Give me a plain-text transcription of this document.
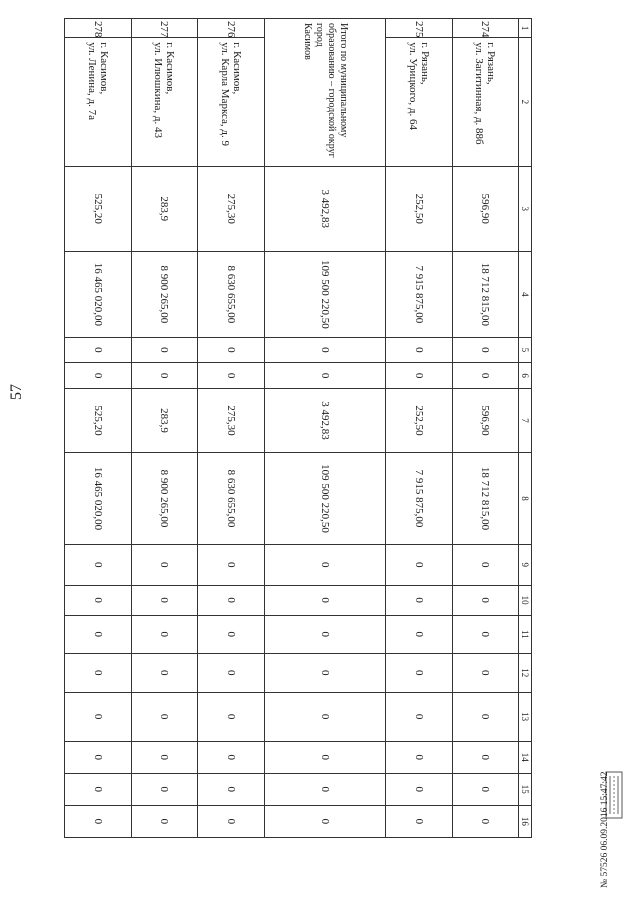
57
1	2	3	4	5	6	7	8	9	10	11	12	13	14	15	16
274	г. Рязань,
ул. Загитинная, д. 88б	596,90	18 712 815,00	0	0	596,90	18 712 815,00	0	0	0	0	0	0	0	0
275	г. Рязань,
ул. Урицкого, д. 64	252,50	7 915 875,00	0	0	252,50	7 915 875,00	0	0	0	0	0	0	0	0

Итого по муниципальному
образованию – городской округ город
Касимов		3 492,83	109 500 220,50	0	0	3 492,83	109 500 220,50	0	0	0	0	0	0	0	0
276	г. Касимов,
ул. Карла Маркса, д. 9	275,30	8 630 655,00	0	0	275,30	8 630 655,00	0	0	0	0	0	0	0	0
277	г. Касимов,
ул. Илюшкина, д. 43	283,9	8 900 265,00	0	0	283,9	8 900 265,00	0	0	0	0	0	0	0	0
278	г. Касимов,
ул. Ленина, д. 7а	525,20	16 465 020,00	0	0	525,20	16 465 020,00	0	0	0	0	0	0	0	0	№ 57526 06.09.2016 15:47:42
